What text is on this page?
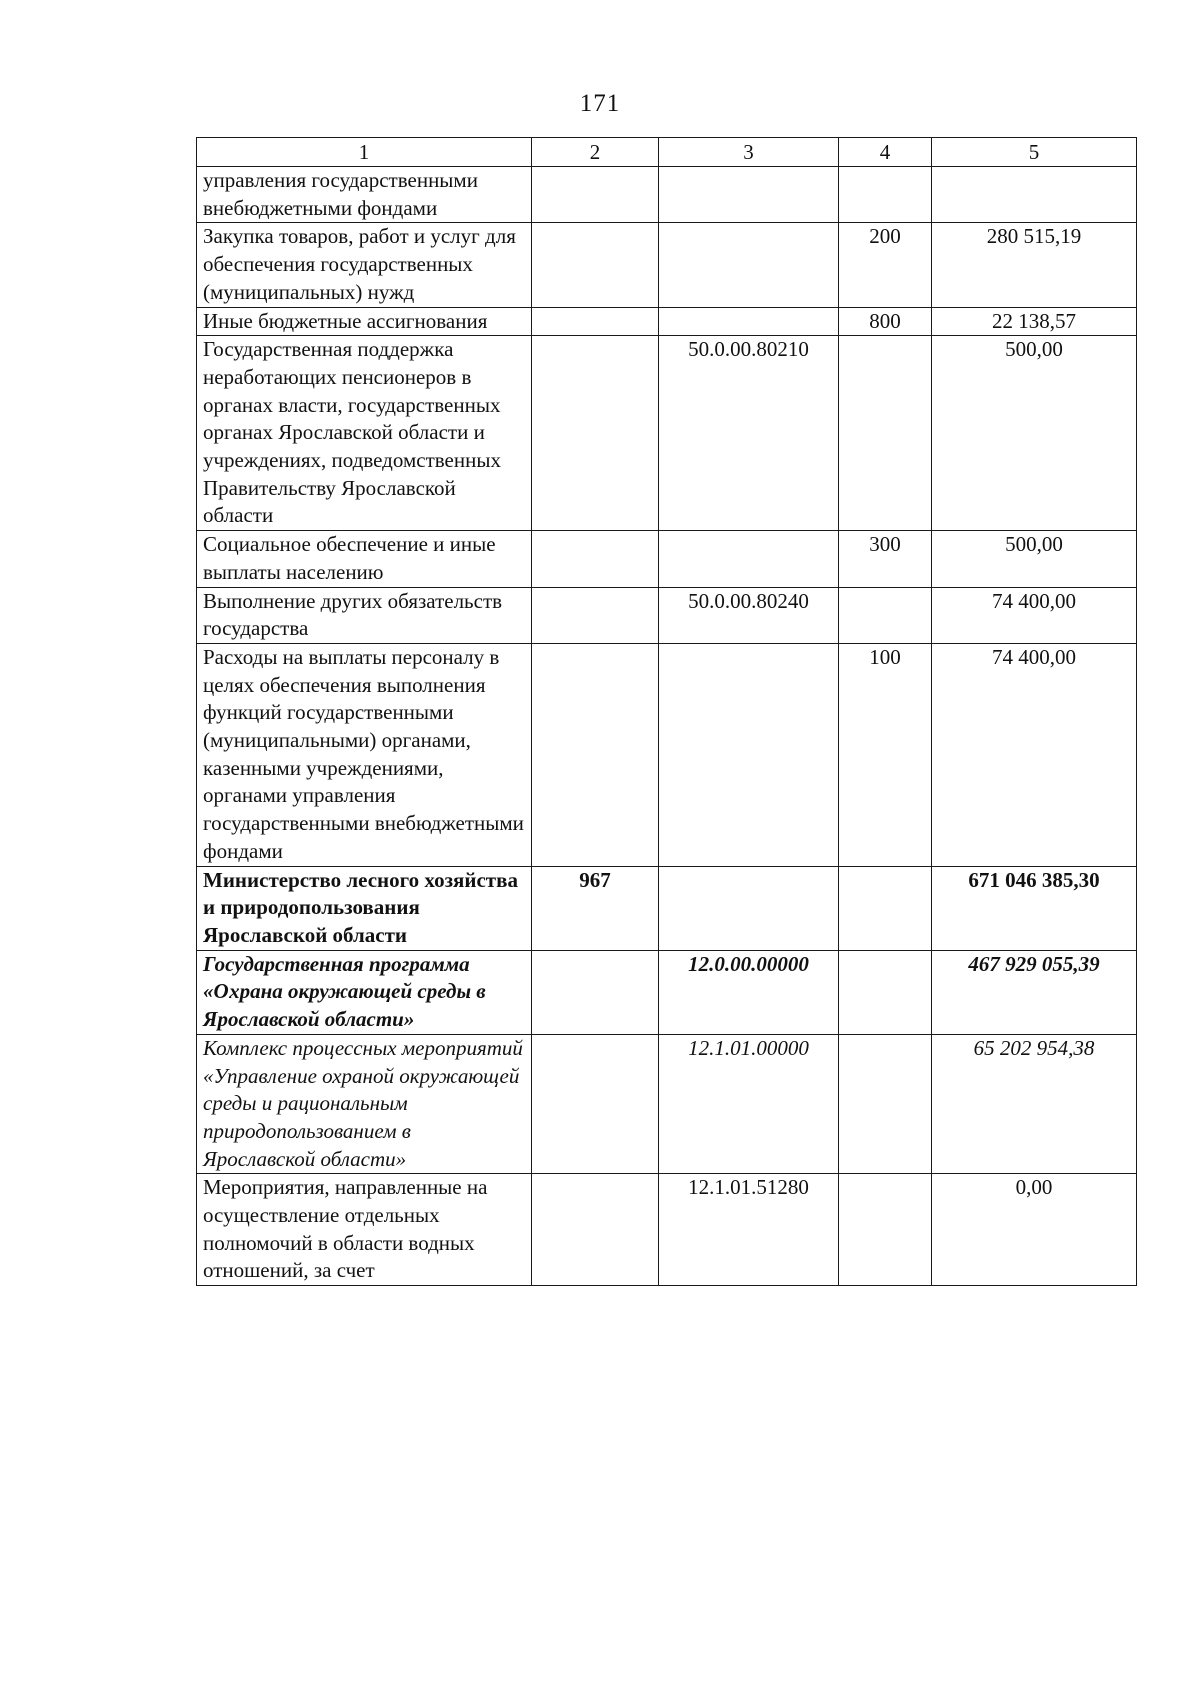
171
1	2	3	4	5
управления государственными внебюджетными фондами				
Закупка товаров, работ и услуг для обеспечения государственных (муниципальных) нужд			200	280 515,19
Иные бюджетные ассигнования			800	22 138,57
Государственная поддержка неработающих пенсионеров в органах власти, государственных органах Ярославской области и учреждениях, подведомственных Правительству Ярославской области		50.0.00.80210		500,00
Социальное обеспечение и иные выплаты населению			300	500,00
Выполнение других обязательств государства		50.0.00.80240		74 400,00
Расходы на выплаты персоналу в целях обеспечения выполнения функций государственными (муниципальными) органами, казенными учреждениями, органами управления государственными внебюджетными фондами			100	74 400,00
Министерство лесного хозяйства и природопользования Ярославской области	967			671 046 385,30
Государственная программа «Охрана окружающей среды в Ярославской области»		12.0.00.00000		467 929 055,39
Комплекс процессных мероприятий «Управление охраной окружающей среды и рациональным природопользованием в Ярославской области»		12.1.01.00000		65 202 954,38
Мероприятия, направленные на осуществление отдельных полномочий в области водных отношений, за счет		12.1.01.51280		0,00
